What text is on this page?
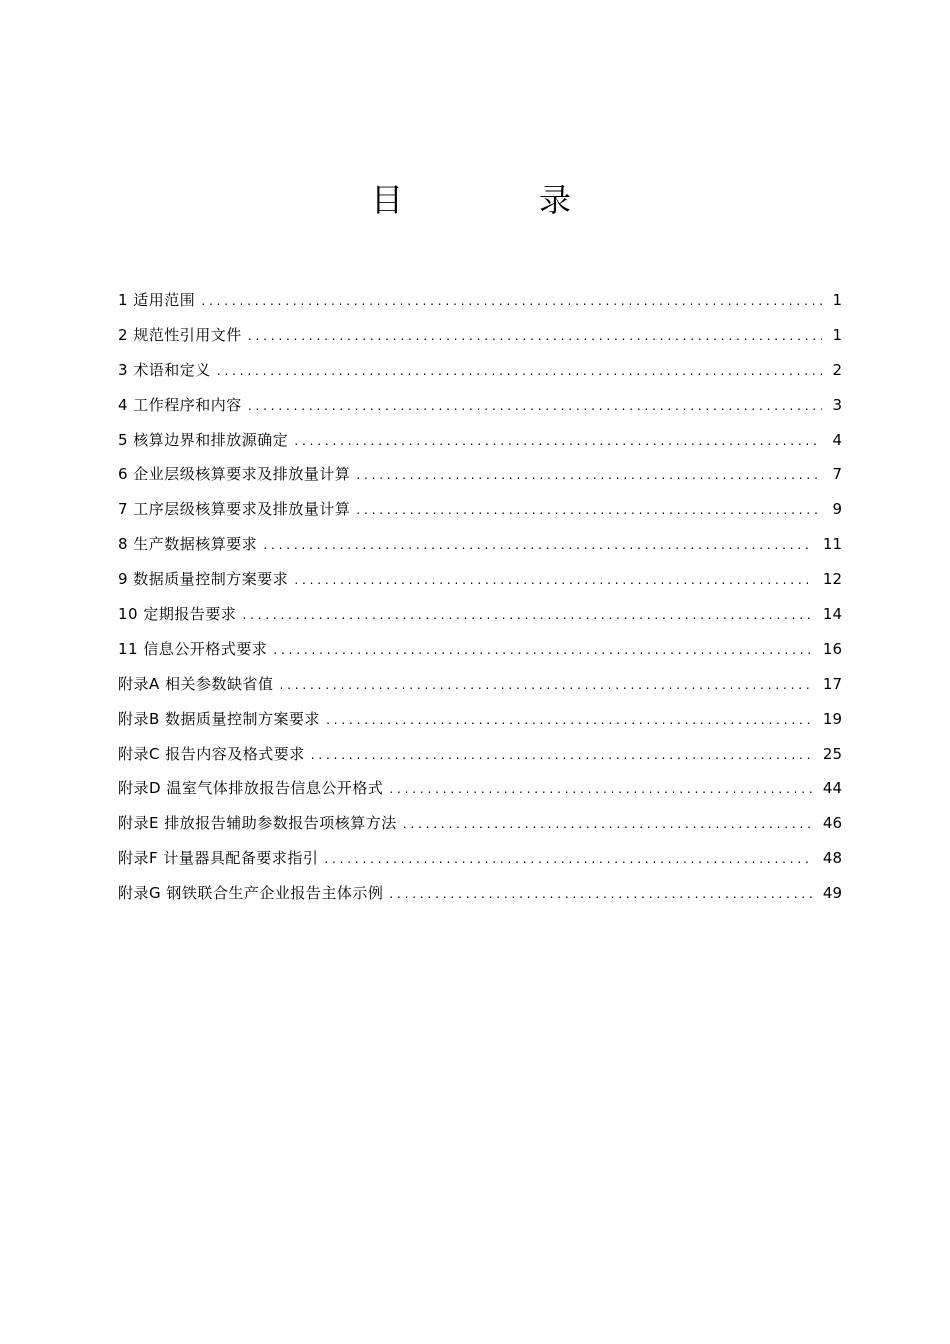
目　录
1 适用范围 . . .	1
2 规范性引用文件 . . .	1
3 术语和定义 . . .	2
4 工作程序和内容 . . .	3
5 核算边界和排放源确定 . . .	4
6 企业层级核算要求及排放量计算 . . .	7
7 工序层级核算要求及排放量计算 . . .	9
8 生产数据核算要求 . . .	11
9 数据质量控制方案要求 . . .	12
10 定期报告要求 . . .	14
11 信息公开格式要求 . . .	16
附录A 相关参数缺省值 . . .	17
附录B 数据质量控制方案要求 . . .	19
附录C 报告内容及格式要求 . . .	25
附录D 温室气体排放报告信息公开格式 . . .	44
附录E 排放报告辅助参数报告项核算方法 . . .	46
附录F 计量器具配备要求指引 . . .	48
附录G 钢铁联合生产企业报告主体示例 . . .	49
